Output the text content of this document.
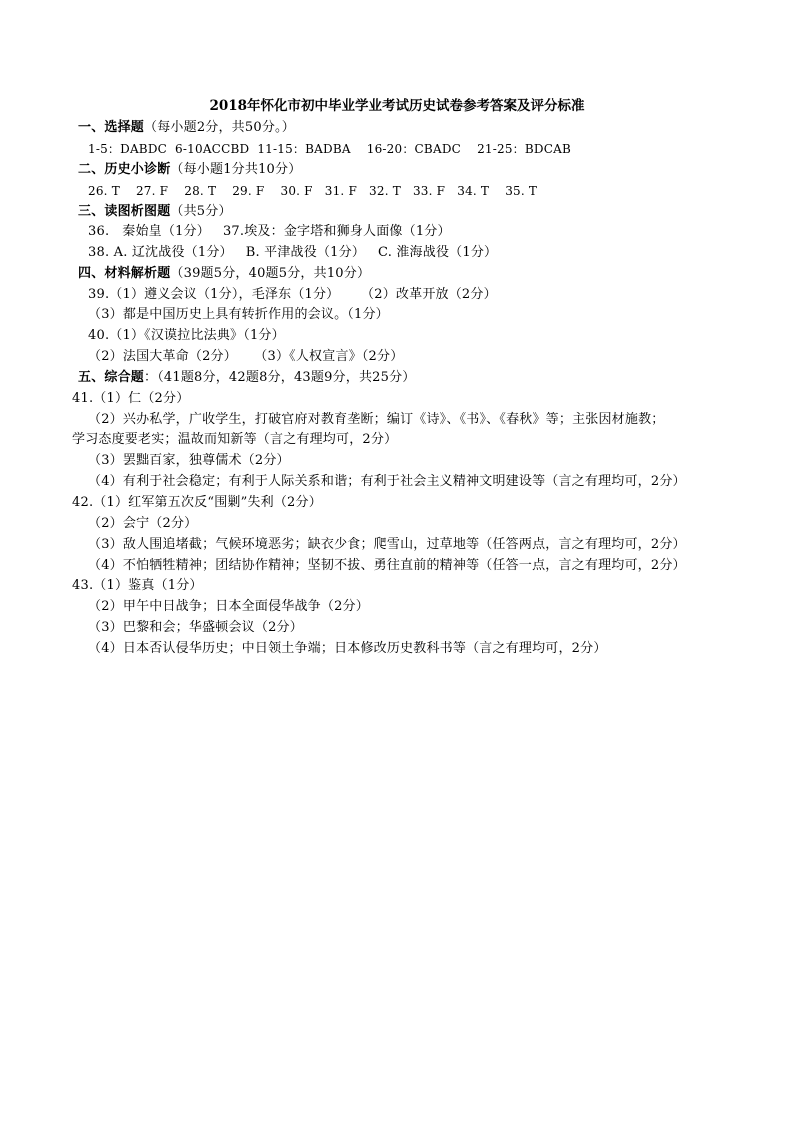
2018年怀化市初中毕业学业考试历史试卷参考答案及评分标准
一、选择题（每小题2分，共50分。）
1-5：DABDC  6-10ACCBD  11-15：BADBA    16-20：CBADC    21-25：BDCAB
二、历史小诊断（每小题1分共10分）
26. T    27. F    28. T    29. F    30. F   31. F   32. T   33. F   34. T    35. T
三、读图析图题（共5分）
36.   秦始皇（1分）   37.埃及：金字塔和狮身人面像（1分）
38. A. 辽沈战役（1分）   B. 平津战役（1分）   C. 淮海战役（1分）
四、材料解析题（39题5分，40题5分，共10分）
39.（1）遵义会议（1分），毛泽东（1分）     （2）改革开放（2分）
（3）都是中国历史上具有转折作用的会议。（1分）
40.（1）《汉谟拉比法典》（1分）
（2）法国大革命（2分）    （3）《人权宣言》（2分）
五、综合题：（41题8分，42题8分，43题9分，共25分）
41.（1）仁（2分）
（2）兴办私学，广收学生，打破官府对教育垄断；编订《诗》、《书》、《春秋》等；主张因材施教；
学习态度要老实；温故而知新等（言之有理均可，2分）
（3）罢黜百家，独尊儒术（2分）
（4）有利于社会稳定；有利于人际关系和谐；有利于社会主义精神文明建设等（言之有理均可，2分）
42.（1）红军第五次反“围剿”失利（2分）
（2）会宁（2分）
（3）敌人围追堵截；气候环境恶劣；缺衣少食；爬雪山，过草地等（任答两点，言之有理均可，2分）
（4）不怕牺牲精神；团结协作精神；坚韧不拔、勇往直前的精神等（任答一点，言之有理均可，2分）
43.（1）鉴真（1分）
（2）甲午中日战争；日本全面侵华战争（2分）
（3）巴黎和会；华盛顿会议（2分）
（4）日本否认侵华历史；中日领土争端；日本修改历史教科书等（言之有理均可，2分）
